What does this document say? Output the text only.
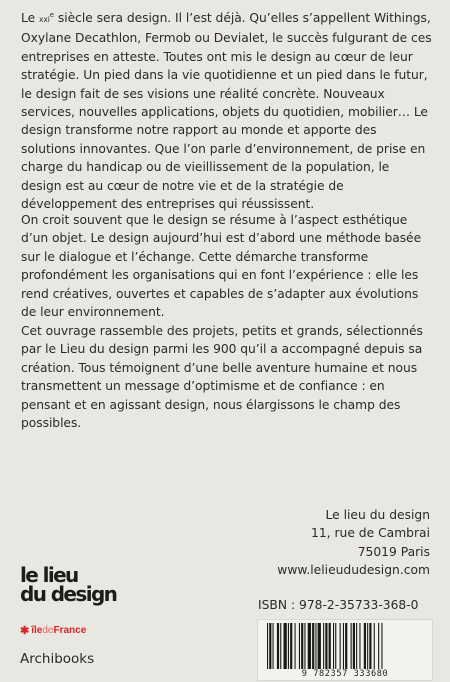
Le xxi$^e$ siècle sera design. Il l’est déjà. Qu’elles s’appellent Withings, Oxylane Decathlon, Fermob ou Devialet, le succès fulgurant de ces entreprises en atteste. Toutes ont mis le design au cœur de leur stratégie. Un pied dans la vie quotidienne et un pied dans le futur, le design fait de ses visions une réalité concrète. Nouveaux services, nouvelles applications, objets du quotidien, mobilier… Le design transforme notre rapport au monde et apporte des solutions innovantes. Que l’on parle d’environnement, de prise en charge du handicap ou de vieillissement de la population, le design est au cœur de notre vie et de la stratégie de développement des entreprises qui réussissent.

On croit souvent que le design se résume à l’aspect esthétique d’un objet. Le design aujourd’hui est d’abord une méthode basée sur le dialogue et l’échange. Cette démarche transforme profondément les organisations qui en font l’expérience : elle les rend créatives, ouvertes et capables de s’adapter aux évolutions de leur environnement.

Cet ouvrage rassemble des projets, petits et grands, sélectionnés par le Lieu du design parmi les 900 qu’il a accompagné depuis sa création. Tous témoignent d’une belle aventure humaine et nous transmettent un message d’optimisme et de confiance : en pensant et en agissant design, nous élargissons le champ des possibles.

Le lieu du design
11, rue de Cambrai
75019 Paris
www.lelieududesign.com
le lieu
du design
✱ île de France
Archibooks
ISBN : 978-2-35733-368-0
9 782357 333680
